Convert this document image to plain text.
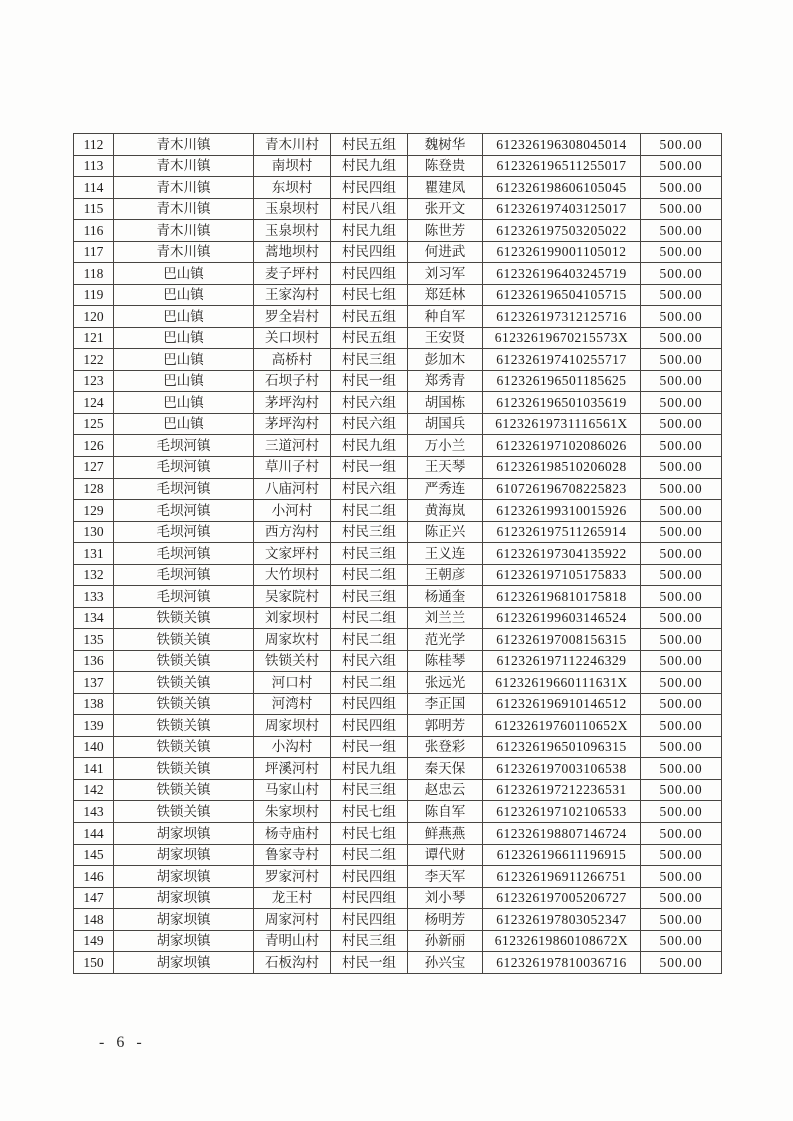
112	青木川镇	青木川村	村民五组	魏树华	612326196308045014	500.00
113	青木川镇	南坝村	村民九组	陈登贵	612326196511255017	500.00
114	青木川镇	东坝村	村民四组	瞿建凤	612326198606105045	500.00
115	青木川镇	玉泉坝村	村民八组	张开文	612326197403125017	500.00
116	青木川镇	玉泉坝村	村民九组	陈世芳	612326197503205022	500.00
117	青木川镇	蒿地坝村	村民四组	何进武	612326199001105012	500.00
118	巴山镇	麦子坪村	村民四组	刘习军	612326196403245719	500.00
119	巴山镇	王家沟村	村民七组	郑廷林	612326196504105715	500.00
120	巴山镇	罗全岩村	村民五组	种自军	612326197312125716	500.00
121	巴山镇	关口坝村	村民五组	王安贤	61232619670215573X	500.00
122	巴山镇	高桥村	村民三组	彭加木	612326197410255717	500.00
123	巴山镇	石坝子村	村民一组	郑秀青	612326196501185625	500.00
124	巴山镇	茅坪沟村	村民六组	胡国栋	612326196501035619	500.00
125	巴山镇	茅坪沟村	村民六组	胡国兵	61232619731116561X	500.00
126	毛坝河镇	三道河村	村民九组	万小兰	612326197102086026	500.00
127	毛坝河镇	草川子村	村民一组	王天琴	612326198510206028	500.00
128	毛坝河镇	八庙河村	村民六组	严秀连	610726196708225823	500.00
129	毛坝河镇	小河村	村民二组	黄海岚	612326199310015926	500.00
130	毛坝河镇	西方沟村	村民三组	陈正兴	612326197511265914	500.00
131	毛坝河镇	文家坪村	村民三组	王义连	612326197304135922	500.00
132	毛坝河镇	大竹坝村	村民二组	王朝彦	612326197105175833	500.00
133	毛坝河镇	吴家院村	村民三组	杨通奎	612326196810175818	500.00
134	铁锁关镇	刘家坝村	村民二组	刘兰兰	612326199603146524	500.00
135	铁锁关镇	周家坎村	村民二组	范光学	612326197008156315	500.00
136	铁锁关镇	铁锁关村	村民六组	陈桂琴	612326197112246329	500.00
137	铁锁关镇	河口村	村民二组	张远光	61232619660111631X	500.00
138	铁锁关镇	河湾村	村民四组	李正国	612326196910146512	500.00
139	铁锁关镇	周家坝村	村民四组	郭明芳	61232619760110652X	500.00
140	铁锁关镇	小沟村	村民一组	张登彩	612326196501096315	500.00
141	铁锁关镇	坪溪河村	村民九组	秦天保	612326197003106538	500.00
142	铁锁关镇	马家山村	村民三组	赵忠云	612326197212236531	500.00
143	铁锁关镇	朱家坝村	村民七组	陈自军	612326197102106533	500.00
144	胡家坝镇	杨寺庙村	村民七组	鲜燕燕	612326198807146724	500.00
145	胡家坝镇	鲁家寺村	村民二组	谭代财	612326196611196915	500.00
146	胡家坝镇	罗家河村	村民四组	李天军	612326196911266751	500.00
147	胡家坝镇	龙王村	村民四组	刘小琴	612326197005206727	500.00
148	胡家坝镇	周家河村	村民四组	杨明芳	612326197803052347	500.00
149	胡家坝镇	青明山村	村民三组	孙新丽	61232619860108672X	500.00
150	胡家坝镇	石板沟村	村民一组	孙兴宝	612326197810036716	500.00
- 6 -
